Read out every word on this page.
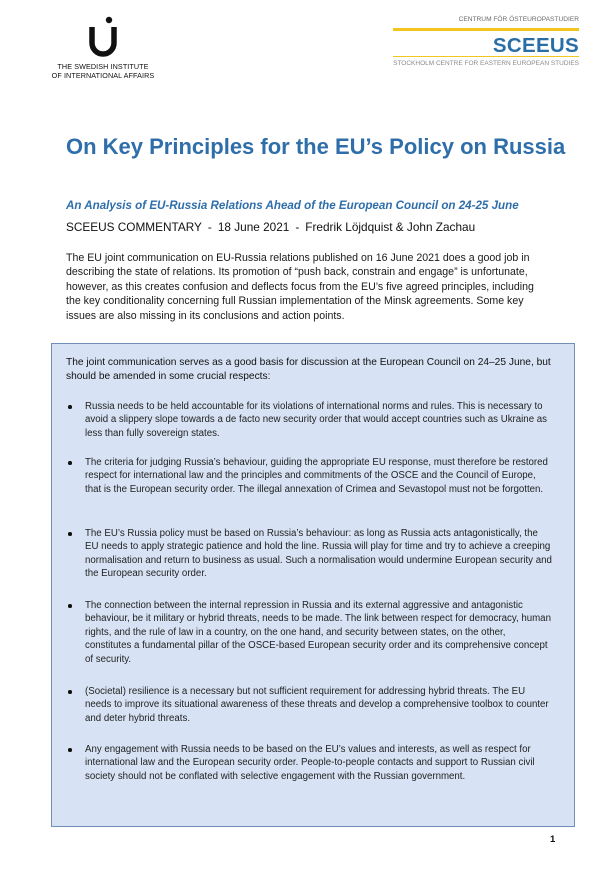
THE SWEDISH INSTITUTE
OF INTERNATIONAL AFFAIRS
CENTRUM FÖR ÖSTEUROPASTUDIER
SCEEUS
STOCKHOLM CENTRE FOR EASTERN EUROPEAN STUDIES
On Key Principles for the EU’s Policy on Russia

An Analysis of EU-Russia Relations Ahead of the European Council on 24-25 June

SCEEUS COMMENTARY - 18 June 2021 - Fredrik Löjdquist & John Zachau

The EU joint communication on EU-Russia relations published on 16 June 2021 does a good job in describing the state of relations. Its promotion of “push back, constrain and engage” is unfortunate, however, as this creates confusion and deflects focus from the EU’s five agreed principles, including the key conditionality concerning full Russian implementation of the Minsk agreements. Some key issues are also missing in its conclusions and action points.

The joint communication serves as a good basis for discussion at the European Council on 24–25 June, but should be amended in some crucial respects:

Russia needs to be held accountable for its violations of international norms and rules. This is necessary to avoid a slippery slope towards a de facto new security order that would accept countries such as Ukraine as less than fully sovereign states.
The criteria for judging Russia’s behaviour, guiding the appropriate EU response, must therefore be restored respect for international law and the principles and commitments of the OSCE and the Council of Europe, that is the European security order. The illegal annexation of Crimea and Sevastopol must not be forgotten.
The EU’s Russia policy must be based on Russia’s behaviour: as long as Russia acts antagonistically, the EU needs to apply strategic patience and hold the line. Russia will play for time and try to achieve a creeping normalisation and return to business as usual. Such a normalisation would undermine European security and the European security order.
The connection between the internal repression in Russia and its external aggressive and antagonistic behaviour, be it military or hybrid threats, needs to be made. The link between respect for democracy, human rights, and the rule of law in a country, on the one hand, and security between states, on the other, constitutes a fundamental pillar of the OSCE-based European security order and its comprehensive concept of security.
(Societal) resilience is a necessary but not sufficient requirement for addressing hybrid threats. The EU needs to improve its situational awareness of these threats and develop a comprehensive toolbox to counter and deter hybrid threats.
Any engagement with Russia needs to be based on the EU’s values and interests, as well as respect for international law and the European security order. People-to-people contacts and support to Russian civil society should not be conflated with selective engagement with the Russian government.
1
